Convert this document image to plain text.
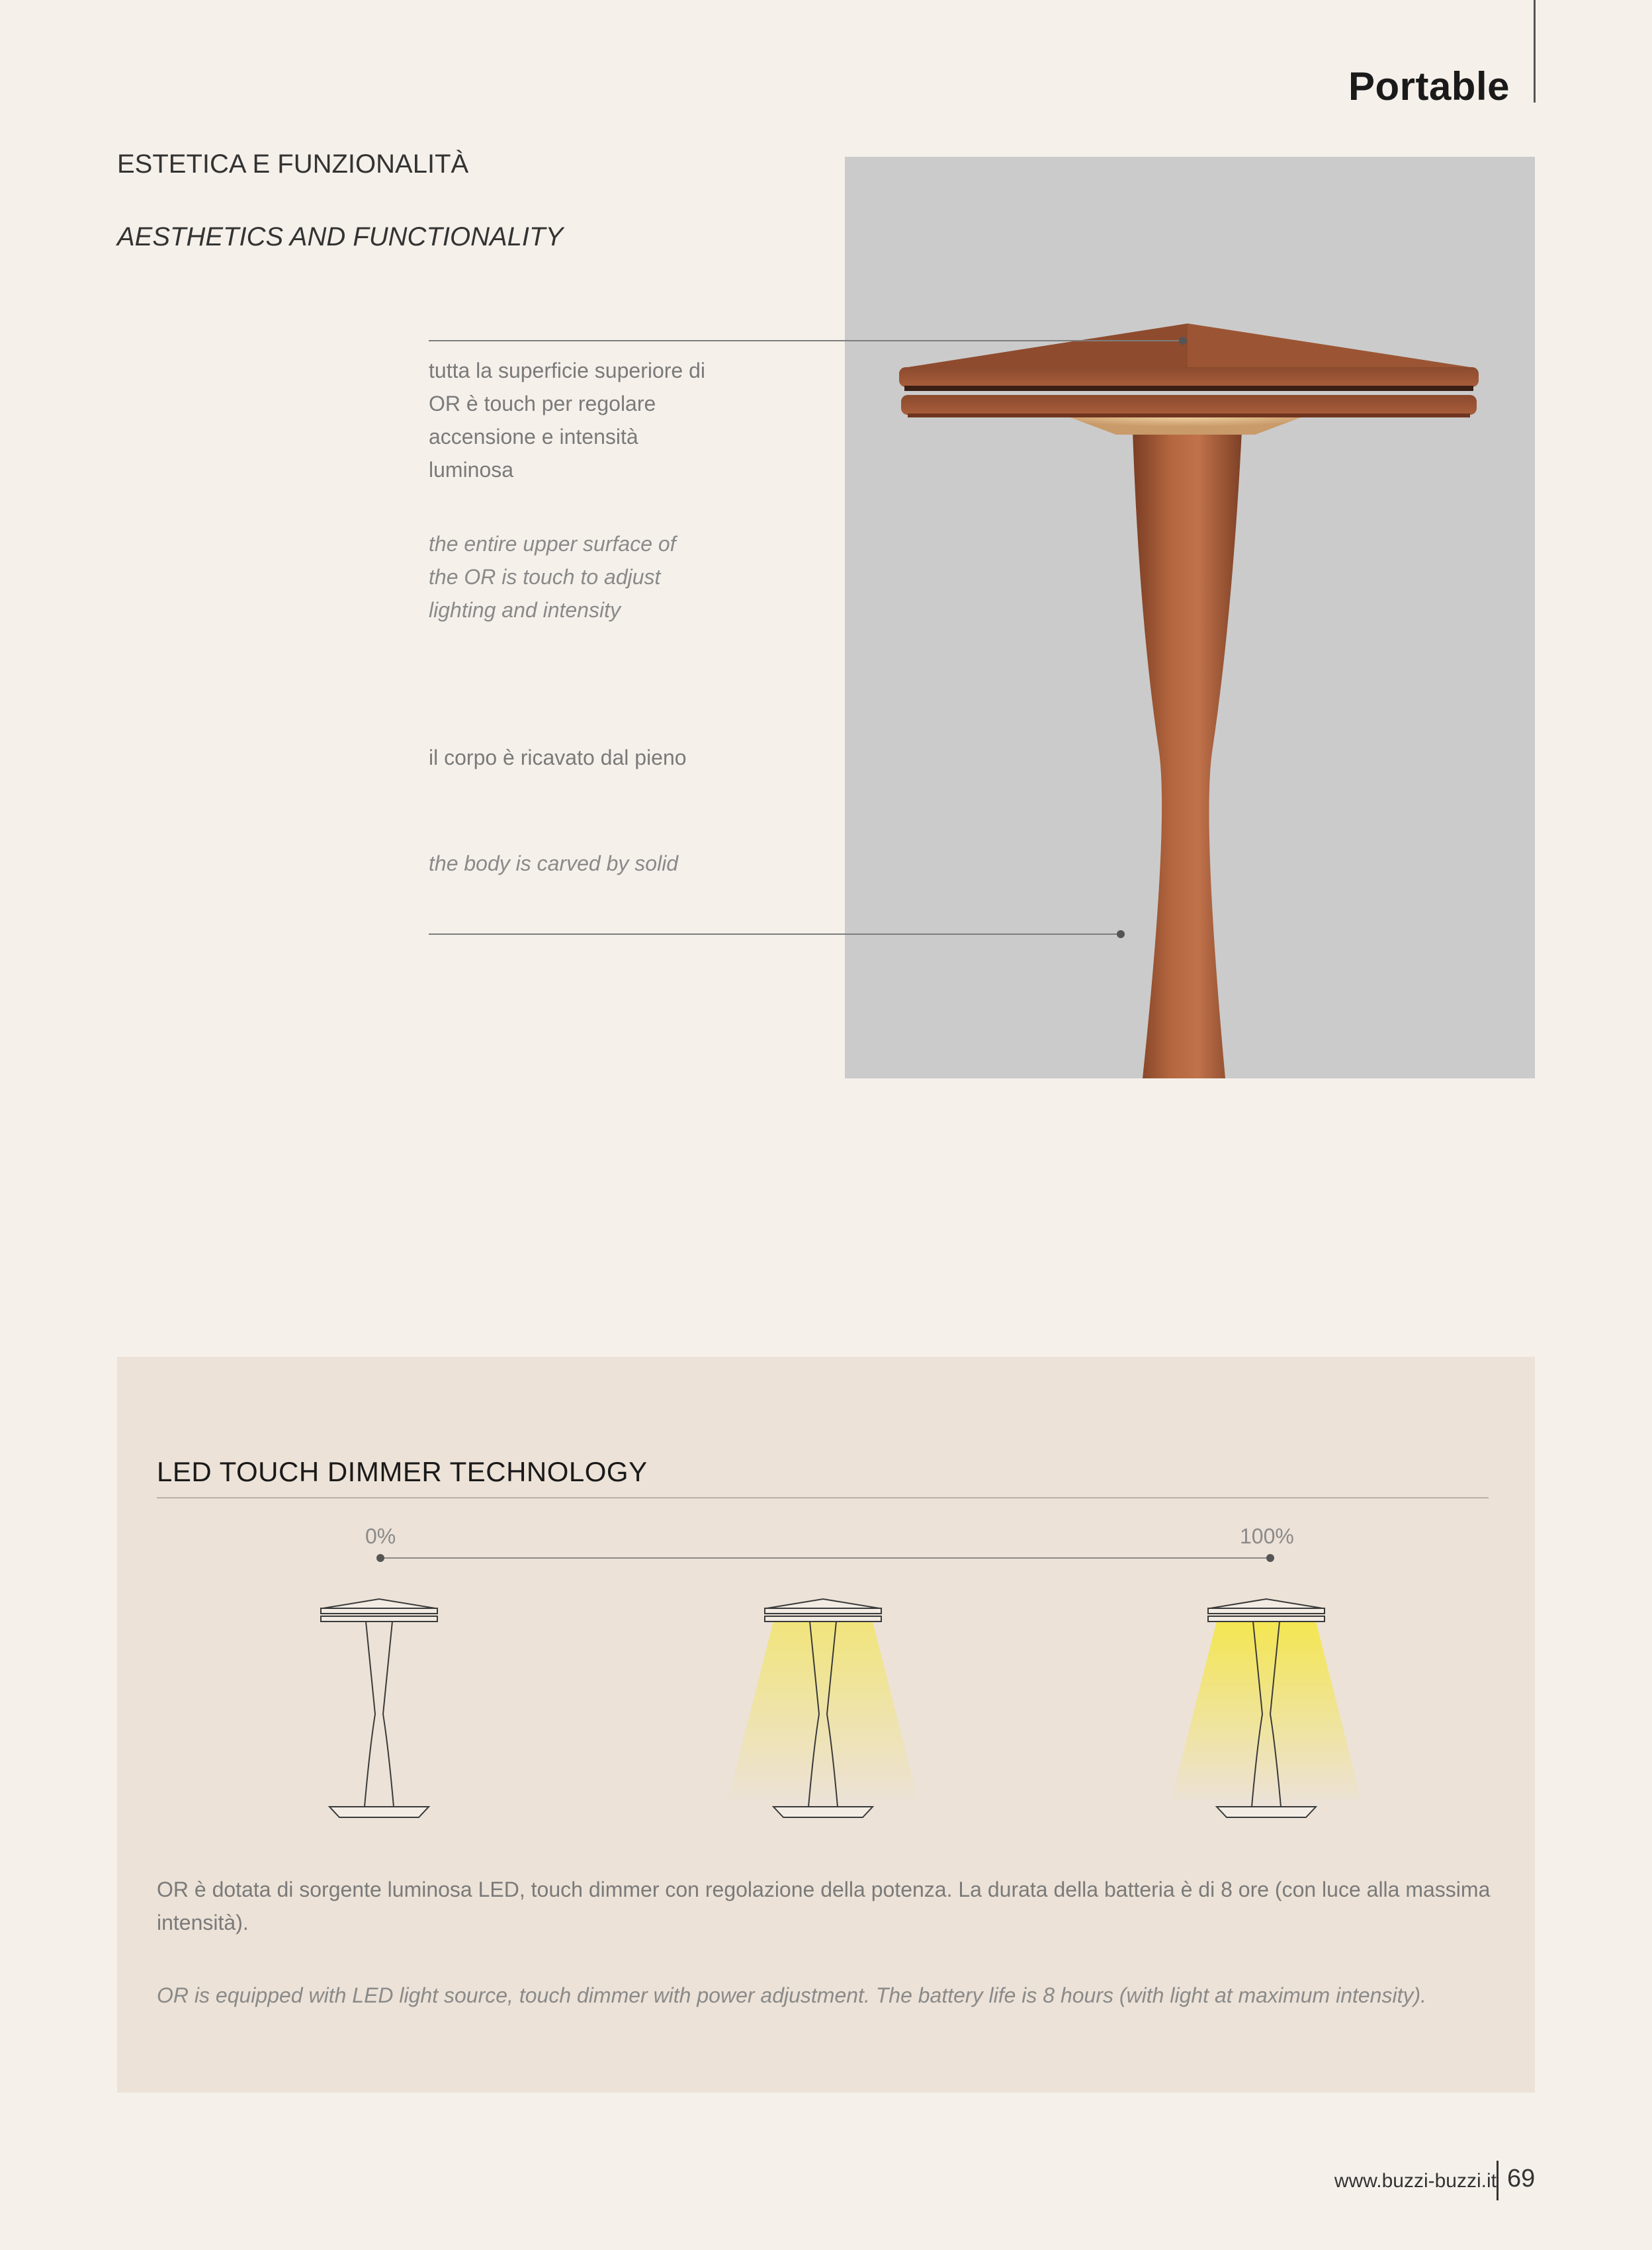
Portable
ESTETICA E FUNZIONALITÀ
AESTHETICS AND FUNCTIONALITY
tutta la superficie superiore di OR è touch per regolare accensione e intensità luminosa
the entire upper surface of the OR is touch to adjust lighting and intensity
il corpo è ricavato dal pieno
the body is carved by solid
LED TOUCH DIMMER TECHNOLOGY
0%	100%
OR è dotata di sorgente luminosa LED, touch dimmer con regolazione della potenza. La durata della batteria è di 8 ore (con luce alla massima intensità).
OR is equipped with LED light source, touch dimmer with power adjustment. The battery life is 8 hours (with light at maximum intensity).
www.buzzi-buzzi.it 69
